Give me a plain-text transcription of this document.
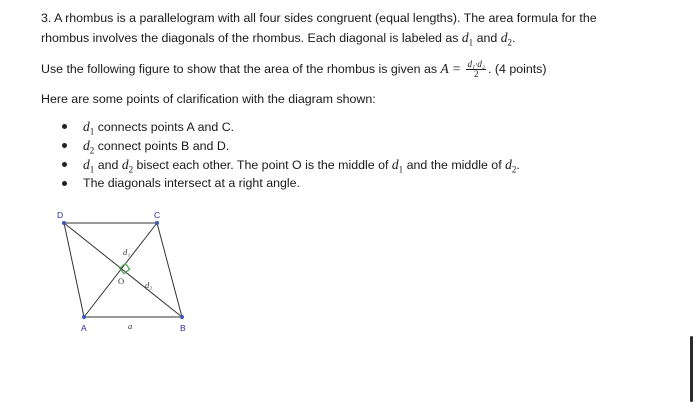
3. A rhombus is a parallelogram with all four sides congruent (equal lengths). The area formula for the
rhombus involves the diagonals of the rhombus. Each diagonal is labeled as $d_1$ and $d_2$.
Use the following figure to show that the area of the rhombus is given as $A = \frac{\text{d₁·d₂}}{2}$ . (4 points)
Here are some points of clarification with the diagram shown:
$d_1$ connects points A and C.
$d_2$ connect points B and D.
$d_1$ and $d_2$ bisect each other. The point O is the middle of $d_1$ and the middle of $d_2$.
The diagonals intersect at a right angle.
D	C
A	B
O
d₁
d₂
a
